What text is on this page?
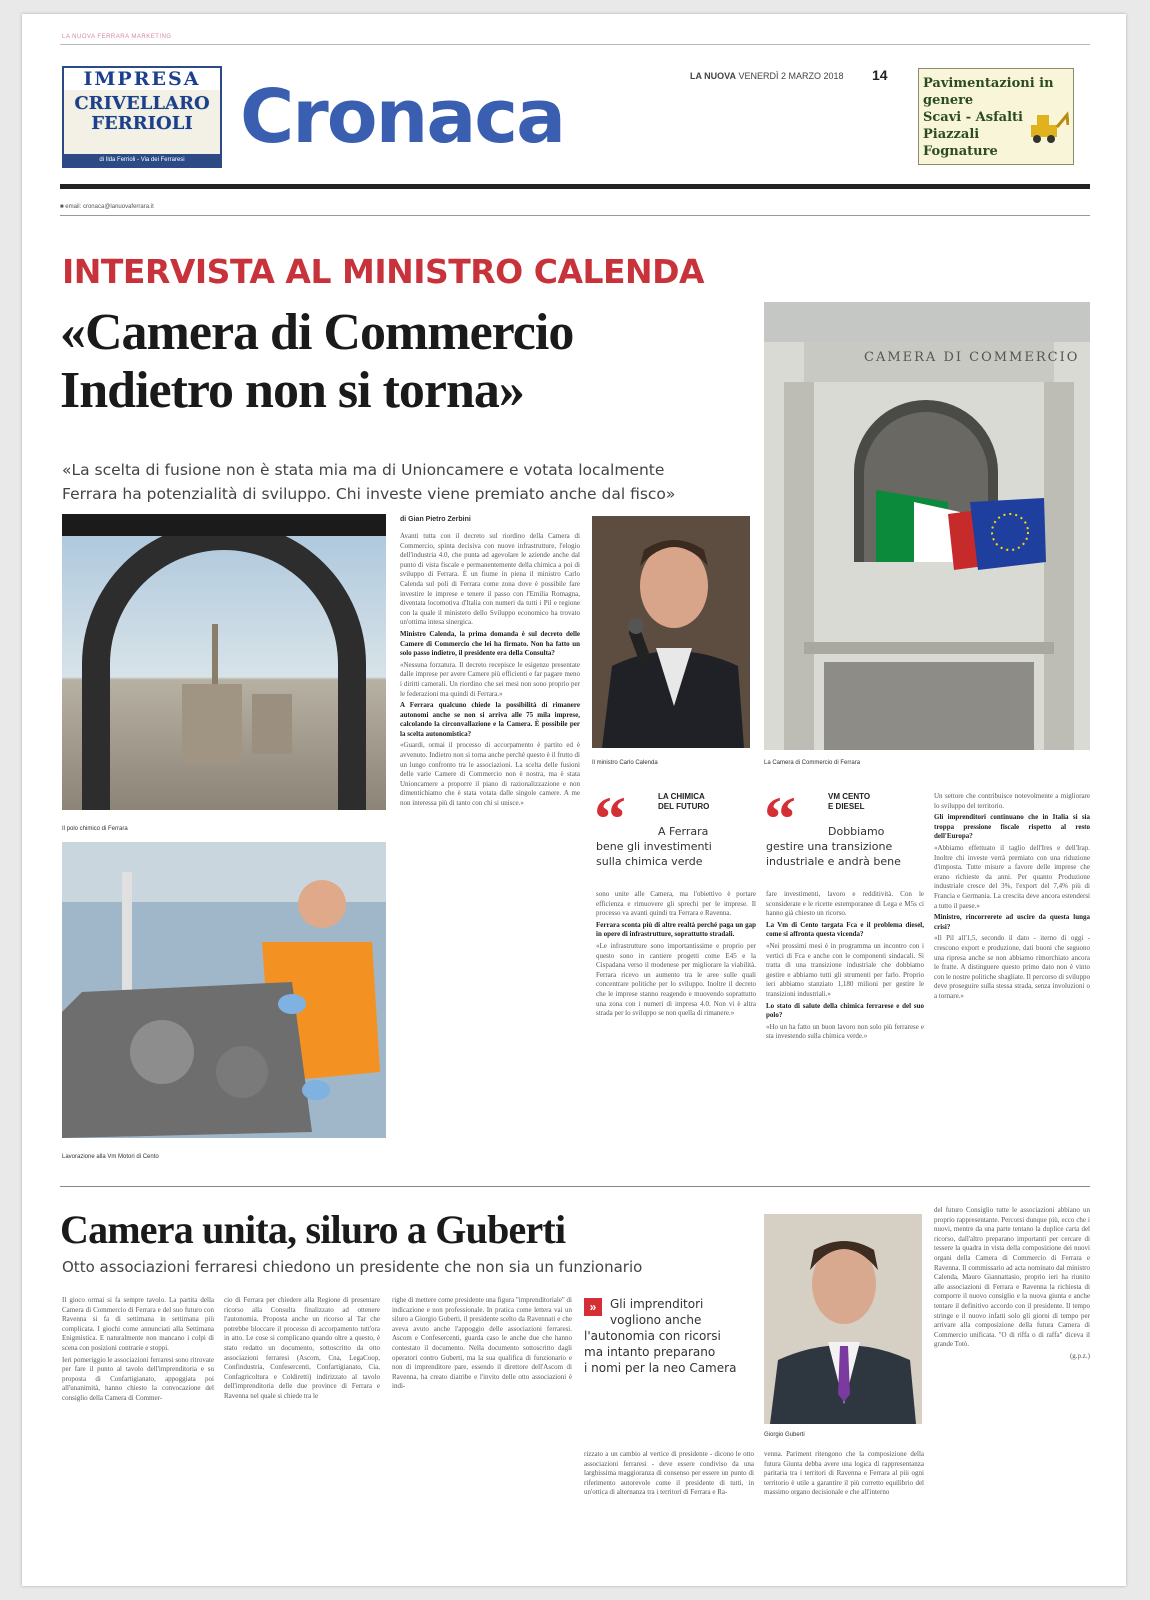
LA NUOVA FERRARA MARKETING
IMPRESA
CRIVELLARO
FERRIOLI
di Ilda Ferrioli - Via dei Ferraresi Cronaca	LA NUOVA VENERDÌ 2 MARZO 2018 14
Pavimentazioni in genere
Scavi - Asfalti
Piazzali
Fognature
■ email: cronaca@lanuovaferrara.it
INTERVISTA AL MINISTRO CALENDA
«Camera di Commercio
Indietro non si torna»
«La scelta di fusione non è stata mia ma di Unioncamere e votata localmente
Ferrara ha potenzialità di sviluppo. Chi investe viene premiato anche dal fisco»
Il polo chimico di Ferrara
Lavorazione alla Vm Motori di Cento
di Gian Pietro Zerbini

Avanti tutta con il decreto sul riordino della Camera di Commercio, spinta decisiva con nuove infrastrutture, l'elogio dell'industria 4.0, che punta ad agevolare le aziende anche dal punto di vista fiscale e permanentemente della chimica a poi di sviluppo di Ferrara. È un fiume in piena il ministro Carlo Calenda sul poli di Ferrara come zona dove è possibile fare investire le imprese e tenere il passo con l'Emilia Romagna, diventata locomotiva d'Italia con numeri da tutti i Pil e regione con la quale il ministero dello Sviluppo economico ha trovato un'ottima intesa sinergica.

Ministro Calenda, la prima domanda è sul decreto delle Camere di Commercio che lei ha firmato. Non ha fatto un solo passo indietro, il presidente era della Consulta?

«Nessuna forzatura. Il decreto recepisce le esigenze presentate dalle imprese per avere Camere più efficienti e far pagare meno i diritti camerali. Un riordino che sei mesi non sono proprio per le federazioni ma quindi di Ferrara.»

A Ferrara qualcuno chiede la possibilità di rimanere autonomi anche se non si arriva alle 75 mila imprese, calcolando la circonvallazione e la Camera. È possibile per la scelta autonomistica?

«Guardi, ormai il processo di accorpamento è partito ed è avvenuto. Indietro non si torna anche perché questo è il frutto di un lungo confronto tra le associazioni. La scelta delle fusioni delle varie Camere di Commercio non è nostra, ma è stata Unioncamere a proporre il piano di razionalizzazione e non dimentichiamo che è stata votata dalle singole camere. A me non interessa più di tanto con chi si unisce.»

Il ministro Carlo Calenda
CAMERA DI COMMERCIO
La Camera di Commercio di Ferrara
“	LA CHIMICA
DEL FUTURO
A Ferrara
bene gli investimenti
sulla chimica verde
“	VM CENTO
E DIESEL
Dobbiamo
gestire una transizione
industriale e andrà bene

sono unite alle Camera, ma l'obiettivo è portare efficienza e rimuovere gli sprechi per le imprese. Il processo va avanti quindi tra Ferrara e Ravenna.

Ferrara sconta più di altre realtà perché paga un gap in opere di infrastrutture, soprattutto stradali.

«Le infrastrutture sono importantissime e proprio per questo sono in cantiere progetti come E45 e la Cispadana verso il modenese per migliorare la viabilità. Ferrara ricevo un aumento tra le aree sulle quali concentrare politiche per lo sviluppo. Inoltre il decreto che le imprese stanno reagendo e muovendo soprattutto una zona con i numeri di impresa 4.0. Non vi è altra strada per lo sviluppo se non quella di rimanere.»

fare investimenti, lavoro e redditività. Con le sconsiderate e le ricette estemporanee di Lega e M5s ci hanno già chiesto un ricorso.

La Vm di Cento targata Fca e il problema diesel, come si affronta questa vicenda?

«Nei prossimi mesi è in programma un incontro con i vertici di Fca e anche con le componenti sindacali. Si tratta di una transizione industriale che dobbiamo gestire e abbiamo tutti gli strumenti per farlo. Proprio ieri abbiamo stanziato 1,180 milioni per gestire le transizioni industriali.»

Lo stato di salute della chimica ferrarese e del suo polo?

«Ho un ha fatto un buon lavoro non solo più ferrarese e sta investendo sulla chimica verde.»

Un settore che contribuisce notevolmente a migliorare lo sviluppo del territorio.

Gli imprenditori continuano che in Italia si sia troppa pressione fiscale rispetto al resto dell'Europa?

«Abbiamo effettuato il taglio dell'Ires e dell'Irap. Inoltre chi investe verrà premiato con una riduzione d'imposta. Tutte misure a favore delle imprese che erano richieste da anni. Per quanto Produzione industriale cresce del 3%, l'export del 7,4% più di Francia e Germania. La crescita deve ancora estendersi a tutto il paese.»

Ministro, rincorrerete ad uscire da questa lunga crisi?

«Il Pil all'1,5, secondo il dato - iterno di oggi - crescono export e produzione, dati buoni che seguono una ripresa anche se non abbiamo rimorchiato ancora le fratte. A distinguere questo primo dato non è vinto con le nostre politiche sbagliate. Il percorso di sviluppo deve proseguire sulla stessa strada, senza involuzioni o a tornare.»

Camera unita, siluro a Guberti
Otto associazioni ferraresi chiedono un presidente che non sia un funzionario

Il gioco ormai si fa sempre tavolo. La partita della Camera di Commercio di Ferrara e del suo futuro con Ravenna si fa di settimana in settimana più complicata. I giochi come annunciati alla Settimana Enigmistica. E naturalmente non mancano i colpi di scena con posizioni contrarie e stoppi.

Ieri pomeriggio le associazioni ferraresi sono ritrovate per fare il punto al tavolo dell'imprenditoria e su proposta di Confartigianato, appoggiata poi all'unanimità, hanno chiesto la convocazione del consiglio della Camera di Commer-

cio di Ferrara per chiedere alla Regione di presentare ricorso alla Consulta finalizzato ad ottenere l'autonomia. Proposta anche un ricorso al Tar che potrebbe bloccare il processo di accorpamento tutt'ora in atto. Le cose si complicano quando oltre a questo, è stato redatto un documento, sottoscritto da otto associazioni ferraresi (Ascom, Cna, LegaCoop, Confindustria, Confesercenti, Confartigianato, Cia, Confagricoltura e Coldiretti) indirizzato al tavolo dell'imprenditoria delle due province di Ferrara e Ravenna nel quale si chiede tra le

righe di mettere come presidente una figura "imprenditoriale" di indicazione e non professionale. In pratica come lettera vai un siluro a Giorgio Guberti, il presidente scelto da Ravennati e che aveva avuto anche l'appoggio delle associazioni ferraresi. Ascom e Confesercenti, guarda caso le anche due che hanno contestato il documento. Nella documento sottoscritto dagli operatori contro Guberti, ma la sua qualifica di funzionario e non di imprenditore pare, essendo il direttore dell'Ascom di Ravenna, ha creato diatribe e l'invito delle otto associazioni è indi-

»	Gli imprenditori
vogliono anche
l'autonomia con ricorsi
ma intanto preparano
i nomi per la neo Camera

rizzato a un cambio al vertice di presidente - dicono le otto associazioni ferraresi - deve essere condiviso da una larghissima maggioranza di consenso per essere un punto di riferimento autorevole come il presidente di tutti, in un'ottica di alternanza tra i territori di Ferrara e Ra-

venna. Pariment ritengono che la composizione della futura Giunta debba avere una logica di rappresentanza paritaria tra i territori di Ravenna e Ferrara al più ogni territorio è utile a garantire il più corretto equilibrio del massimo organo decisionale e che all'interno

Giorgio Guberti

del futuro Consiglio tutte le associazioni abbiano un proprio rappresentante. Percorsi dunque più, ecco che i nuovi, mentre da una parte tentano la duplice carta del ricorso, dall'altro preparano importanti per cercare di tessere la quadra in vista della composizione dei nuovi organi della Camera di Commercio di Ferrara e Ravenna. Il commissario ad acta nominato dal ministro Calenda, Mauro Giannattasio, proprio ieri ha riunito alle associazioni di Ferrara e Ravenna la richiesta di comporre il nuovo consiglio e la nuova giunta e anche tentare il definitivo accordo con il presidente. Il tempo stringe e il nuovo infatti solo gli giorni di tempo per arrivare alla composizione della futura Camera di Commercio unificata. "O di riffa o di raffa" diceva il grande Totò.

(g.p.z.)
